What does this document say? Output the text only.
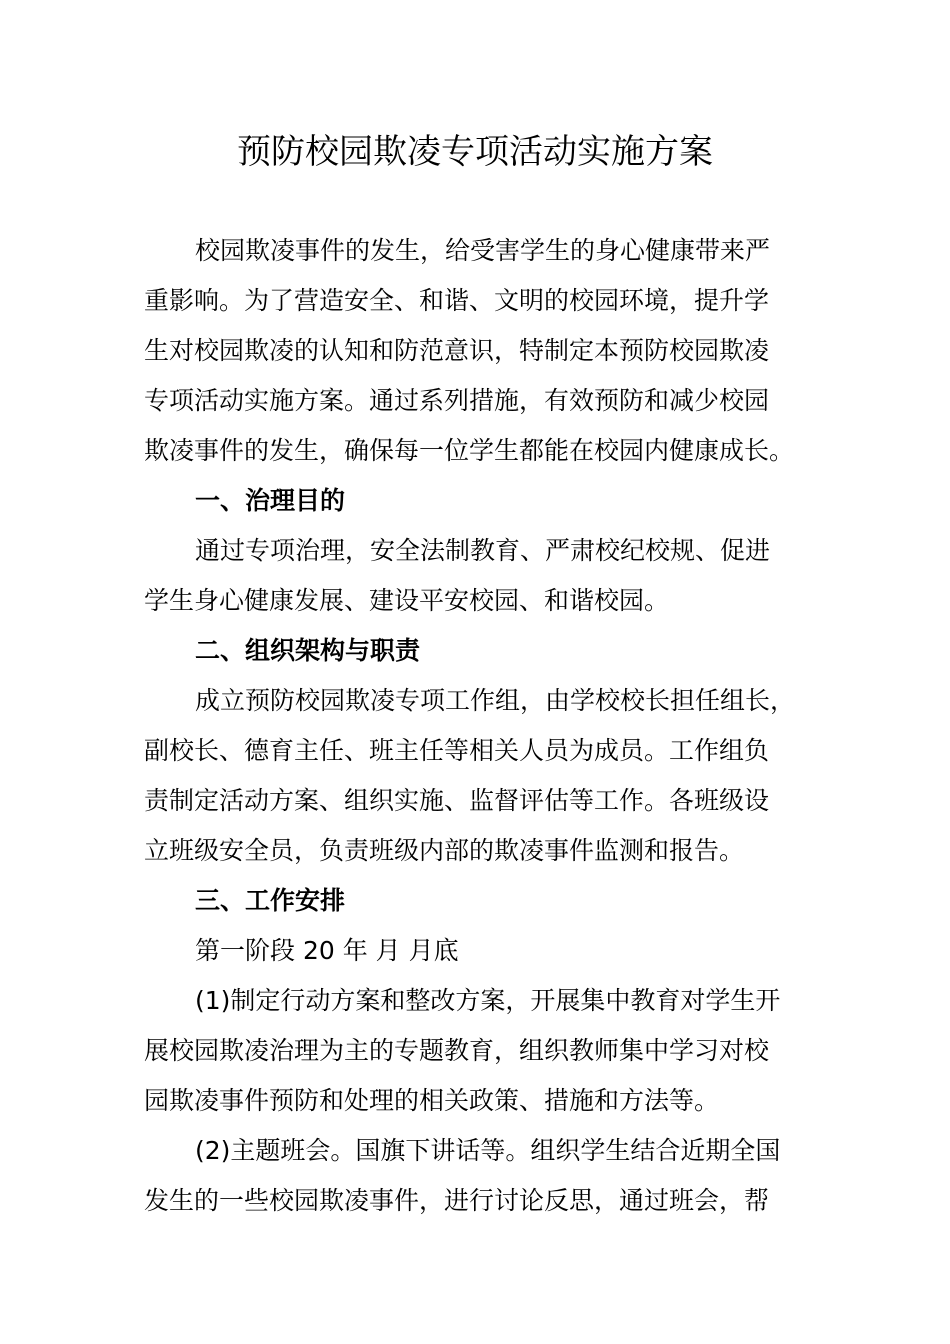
预防校园欺凌专项活动实施方案
校园欺凌事件的发生，给受害学生的身心健康带来严
重影响。为了营造安全、和谐、文明的校园环境，提升学
生对校园欺凌的认知和防范意识，特制定本预防校园欺凌
专项活动实施方案。通过系列措施，有效预防和减少校园
欺凌事件的发生，确保每一位学生都能在校园内健康成长。
一、治理目的
通过专项治理，安全法制教育、严肃校纪校规、促进
学生身心健康发展、建设平安校园、和谐校园。
二、组织架构与职责
成立预防校园欺凌专项工作组，由学校校长担任组长，
副校长、德育主任、班主任等相关人员为成员。工作组负
责制定活动方案、组织实施、监督评估等工作。各班级设
立班级安全员，负责班级内部的欺凌事件监测和报告。
三、工作安排
第一阶段 20 年 月 月底
(1)制定行动方案和整改方案，开展集中教育对学生开
展校园欺凌治理为主的专题教育，组织教师集中学习对校
园欺凌事件预防和处理的相关政策、措施和方法等。
(2)主题班会。国旗下讲话等。组织学生结合近期全国
发生的一些校园欺凌事件，进行讨论反思，通过班会，帮
